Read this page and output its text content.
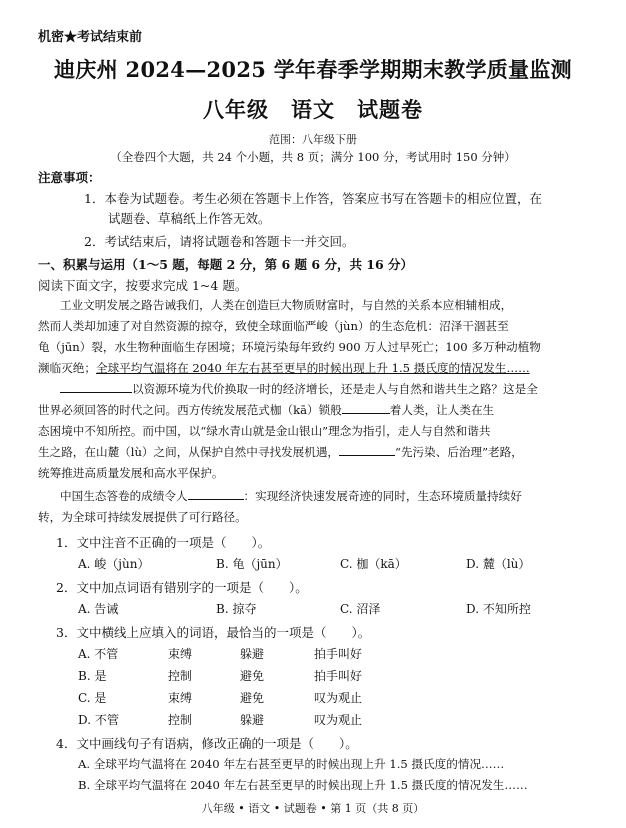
机密★考试结束前
迪庆州 2024—2025 学年春季学期期末教学质量监测
八年级　语文　试题卷
范围：八年级下册
（全卷四个大题，共 24 个小题，共 8 页；满分 100 分，考试用时 150 分钟）
注意事项：
1．本卷为试题卷。考生必须在答题卡上作答，答案应书写在答题卡的相应位置，在
试题卷、草稿纸上作答无效。
2．考试结束后，请将试题卷和答题卡一并交回。
一、积累与运用（1～5 题，每题 2 分，第 6 题 6 分，共 16 分）
阅读下面文字，按要求完成 1~4 题。
工业文明发展之路告诫我们，人类在创造巨大物质财富时，与自然的关系本应相辅相成，
然而人类却加速了对自然资源的掠夺，致使全球面临严峻（jùn）的生态危机：沼泽干涸甚至
龟（jūn）裂，水生物种面临生存困境；环境污染每年致约 900 万人过早死亡；100 多万种动植物
濒临灭绝；全球平均气温将在 2040 年左右甚至更早的时候出现上升 1.5 摄氏度的情况发生……
以资源环境为代价换取一时的经济增长，还是走人与自然和谐共生之路？这是全
世界必须回答的时代之问。西方传统发展范式枷（kā）锁般	着人类，让人类在生
态困境中不知所控。而中国，以“绿水青山就是金山银山”理念为指引，走人与自然和谐共
生之路，在山麓（lù）之间，从保护自然中寻找发展机遇，	“先污染、后治理”老路，
统筹推进高质量发展和高水平保护。
中国生态答卷的成绩令人	：实现经济快速发展奇迹的同时，生态环境质量持续好
转，为全球可持续发展提供了可行路径。
1．文中注音不正确的一项是（　　）。
A. 峻（jùn）	B. 龟（jūn）	C. 枷（kā）	D. 麓（lù）
2．文中加点词语有错别字的一项是（　　）。
A. 告诫	B. 掠夺	C. 沼泽	D. 不知所控
3．文中横线上应填入的词语，最恰当的一项是（　　）。
A. 不管	束缚	躲避	拍手叫好
B. 是	控制	避免	拍手叫好
C. 是	束缚	避免	叹为观止
D. 不管	控制	躲避	叹为观止
4．文中画线句子有语病，修改正确的一项是（　　）。
A. 全球平均气温将在 2040 年左右甚至更早的时候出现上升 1.5 摄氏度的情况……
B. 全球平均气温将在 2040 年左右甚至更早的时候出现上升 1.5 摄氏度的情况发生……
八年级 • 语文 • 试题卷 • 第 1 页（共 8 页）
